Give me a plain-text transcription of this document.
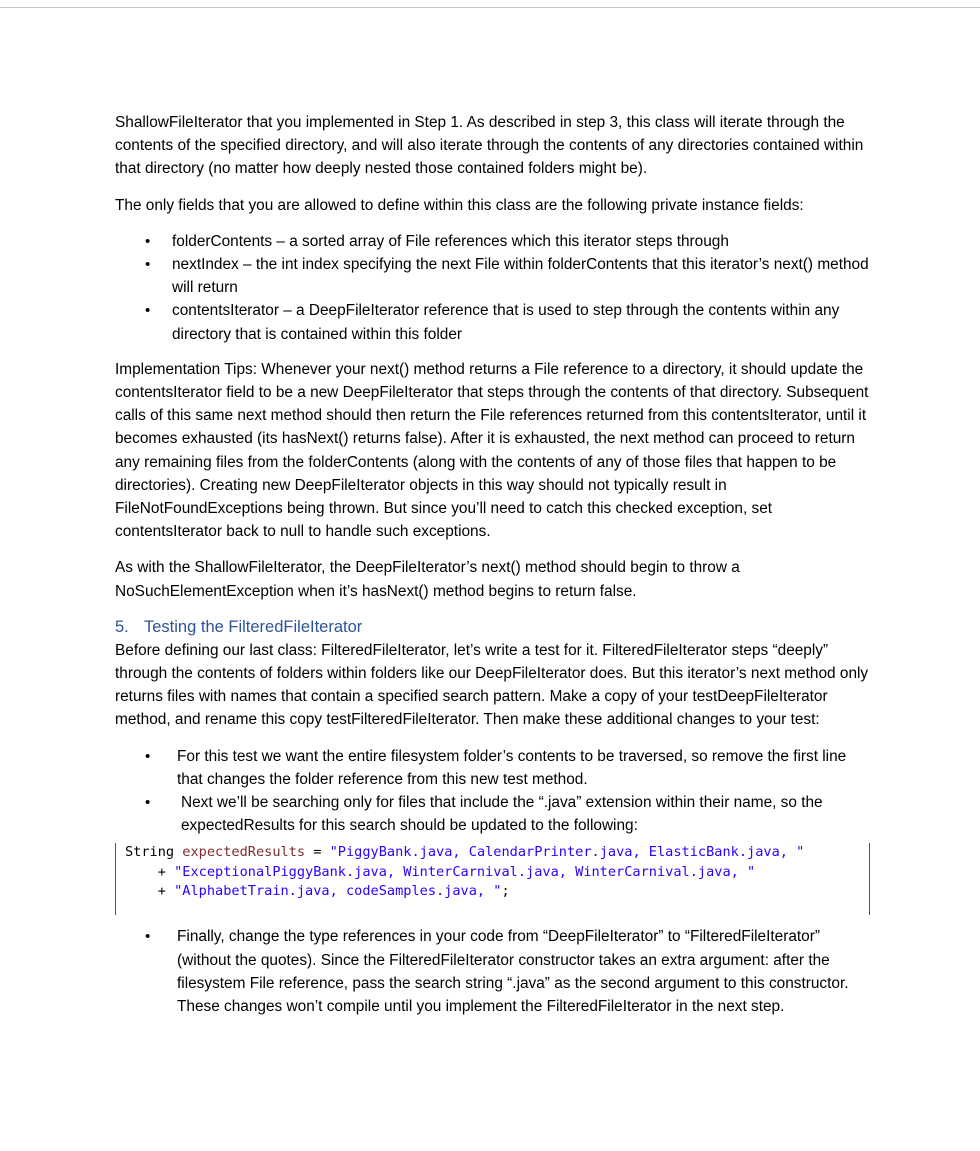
ShallowFileIterator that you implemented in Step 1. As described in step 3, this class will iterate through the contents of the specified directory, and will also iterate through the contents of any directories contained within that directory (no matter how deeply nested those contained folders might be).

The only fields that you are allowed to define within this class are the following private instance fields:

• folderContents – a sorted array of File references which this iterator steps through
• nextIndex – the int index specifying the next File within folderContents that this iterator’s next() method will return
• contentsIterator – a DeepFileIterator reference that is used to step through the contents within any directory that is contained within this folder

Implementation Tips: Whenever your next() method returns a File reference to a directory, it should update the contentsIterator field to be a new DeepFileIterator that steps through the contents of that directory. Subsequent calls of this same next method should then return the File references returned from this contentsIterator, until it becomes exhausted (its hasNext() returns false). After it is exhausted, the next method can proceed to return any remaining files from the folderContents (along with the contents of any of those files that happen to be directories). Creating new DeepFileIterator objects in this way should not typically result in FileNotFoundExceptions being thrown. But since you’ll need to catch this checked exception, set contentsIterator back to null to handle such exceptions.

As with the ShallowFileIterator, the DeepFileIterator’s next() method should begin to throw a NoSuchElementException when it’s hasNext() method begins to return false.

5. Testing the FilteredFileIterator

Before defining our last class: FilteredFileIterator, let’s write a test for it. FilteredFileIterator steps “deeply” through the contents of folders within folders like our DeepFileIterator does. But this iterator’s next method only returns files with names that contain a specified search pattern. Make a copy of your testDeepFileIterator method, and rename this copy testFilteredFileIterator. Then make these additional changes to your test:

• For this test we want the entire filesystem folder’s contents to be traversed, so remove the first line that changes the folder reference from this new test method.
• Next we’ll be searching only for files that include the “.java” extension within their name, so the expectedResults for this search should be updated to the following:
String expectedResults = "PiggyBank.java, CalendarPrinter.java, ElasticBank.java, "
+ "ExceptionalPiggyBank.java, WinterCarnival.java, WinterCarnival.java, "
+ "AlphabetTrain.java, codeSamples.java, ";
• Finally, change the type references in your code from “DeepFileIterator” to “FilteredFileIterator” (without the quotes). Since the FilteredFileIterator constructor takes an extra argument: after the filesystem File reference, pass the search string “.java” as the second argument to this constructor. These changes won’t compile until you implement the FilteredFileIterator in the next step.
